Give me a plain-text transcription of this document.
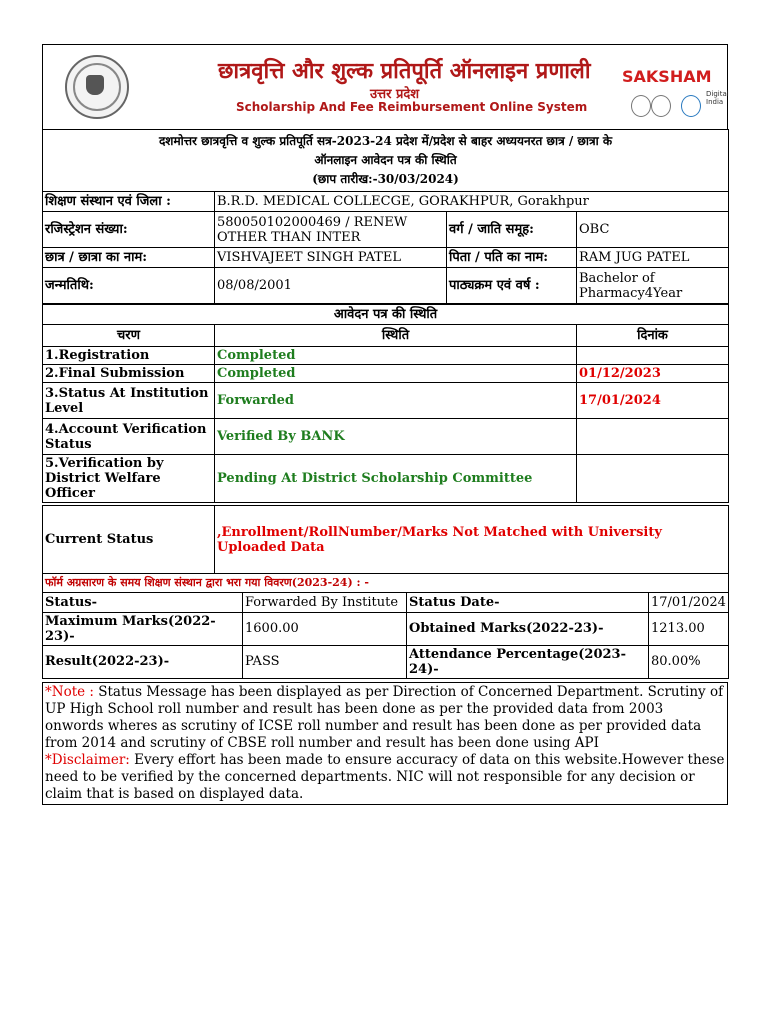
छात्रवृत्ति और शुल्क प्रतिपूर्ति ऑनलाइन प्रणाली
उत्तर प्रदेश
Scholarship And Fee Reimbursement Online System
SAKSHAM
Digital India
दशमोत्तर छात्रवृत्ति व शुल्क प्रतिपूर्ति सत्र-2023-24 प्रदेश में/प्रदेश से बाहर अध्ययनरत छात्र / छात्रा के
ऑनलाइन आवेदन पत्र की स्थिति
(छाप तारीख:-30/03/2024)			

शिक्षण संस्थान एवं जिला :	B.R.D. MEDICAL COLLECGE, GORAKHPUR, Gorakhpur		
रजिस्ट्रेशन संख्या:	580050102000469 / RENEW OTHER THAN INTER	वर्ग / जाति समूह:	OBC
छात्र / छात्रा का नाम:	VISHVAJEET SINGH PATEL	पिता / पति का नाम:	RAM JUG PATEL
जन्मतिथि:	08/08/2001	पाठ्यक्रम एवं वर्ष :	Bachelor of Pharmacy4Year
आवेदन पत्र की स्थिति		
चरण	स्थिति	दिनांक
1.Registration	Completed	
2.Final Submission	Completed	01/12/2023
3.Status At Institution Level	Forwarded	17/01/2024
4.Account Verification Status	Verified By BANK	
5.Verification by District Welfare Officer	Pending At District Scholarship Committee	
Current Status	,Enrollment/RollNumber/Marks Not Matched with University Uploaded Data
फॉर्म अग्रसारण के समय शिक्षण संस्थान द्वारा भरा गया विवरण(2023-24) : -			
Status-	Forwarded By Institute	Status Date-	17/01/2024
Maximum Marks(2022-23)-	1600.00	Obtained Marks(2022-23)-	1213.00
Result(2022-23)-	PASS	Attendance Percentage(2023-24)-	80.00%
*Note : Status Message has been displayed as per Direction of Concerned Department. Scrutiny of UP High School roll number and result has been done as per the provided data from 2003 onwords wheres as scrutiny of ICSE roll number and result has been done as per provided data from 2014 and scrutiny of CBSE roll number and result has been done using API
*Disclaimer: Every effort has been made to ensure accuracy of data on this website.However these need to be verified by the concerned departments. NIC will not responsible for any decision or claim that is based on displayed data.
